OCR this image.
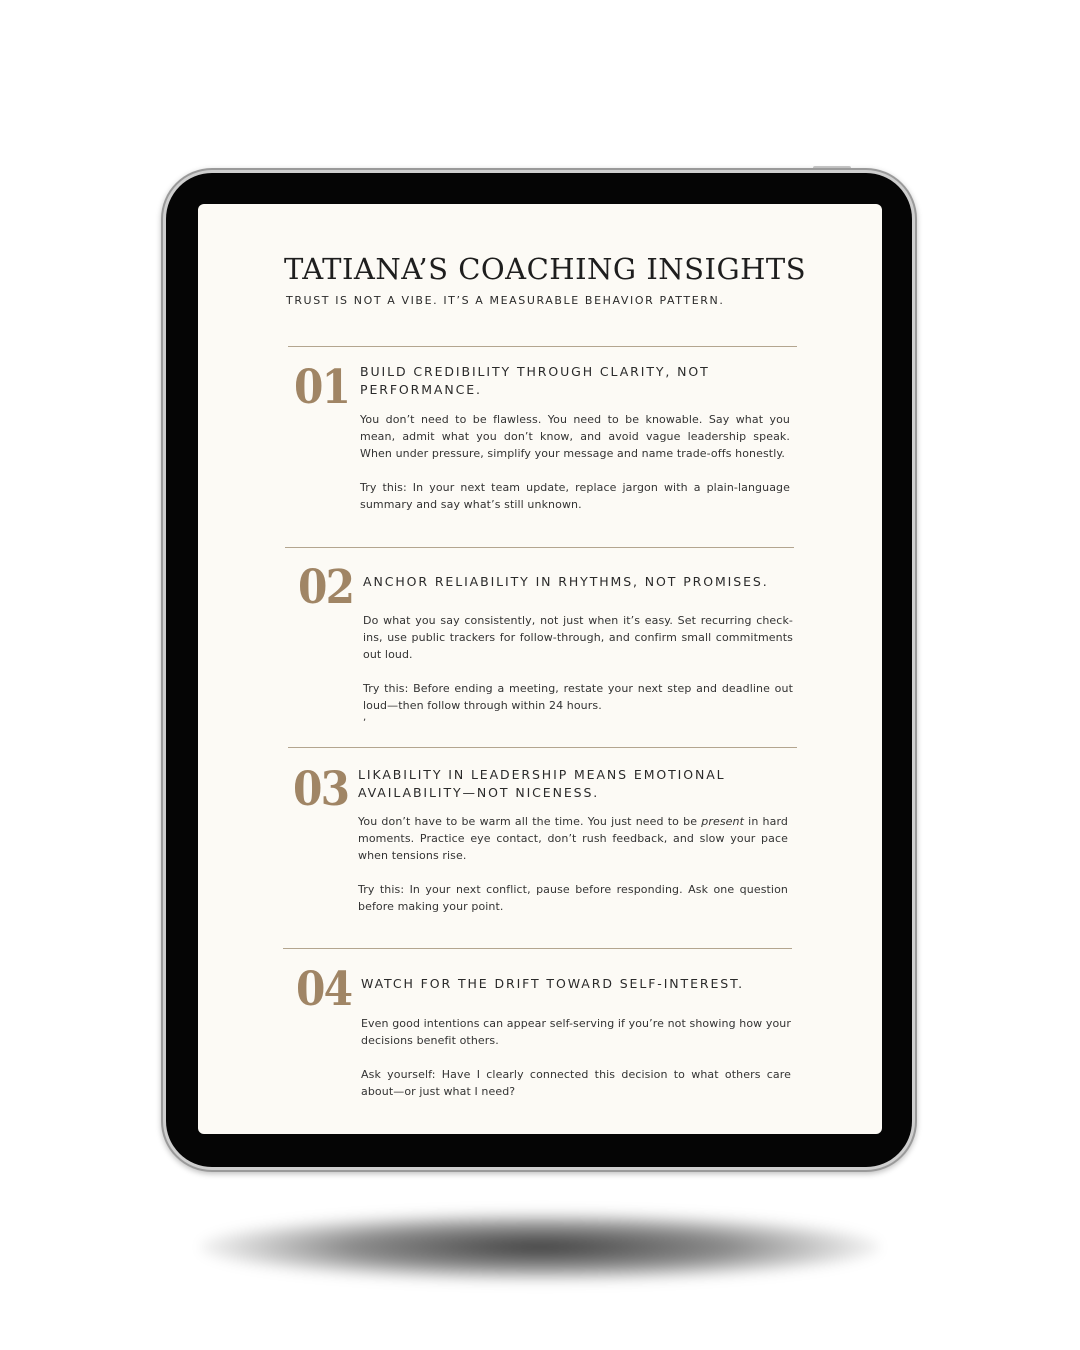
TATIANA’S COACHING INSIGHTS
TRUST IS NOT A VIBE. IT’S A MEASURABLE BEHAVIOR PATTERN.
01 BUILD CREDIBILITY THROUGH CLARITY, NOT PERFORMANCE.

You don’t need to be flawless. You need to be knowable. Say what you mean, admit what you don’t know, and avoid vague leadership speak. When under pressure, simplify your message and name trade-offs honestly.

Try this: In your next team update, replace jargon with a plain-language summary and say what’s still unknown.

02 ANCHOR RELIABILITY IN RHYTHMS, NOT PROMISES.

Do what you say consistently, not just when it’s easy. Set recurring check-ins, use public trackers for follow-through, and confirm small commitments out loud.

Try this: Before ending a meeting, restate your next step and deadline out loud—then follow through within 24 hours.

,
03 LIKABILITY IN LEADERSHIP MEANS EMOTIONAL AVAILABILITY—NOT NICENESS.

You don’t have to be warm all the time. You just need to be present in hard moments. Practice eye contact, don’t rush feedback, and slow your pace when tensions rise.

Try this: In your next conflict, pause before responding. Ask one question before making your point.

04 WATCH FOR THE DRIFT TOWARD SELF-INTEREST.

Even good intentions can appear self-serving if you’re not showing how your decisions benefit others.

Ask yourself: Have I clearly connected this decision to what others care about—or just what I need?
